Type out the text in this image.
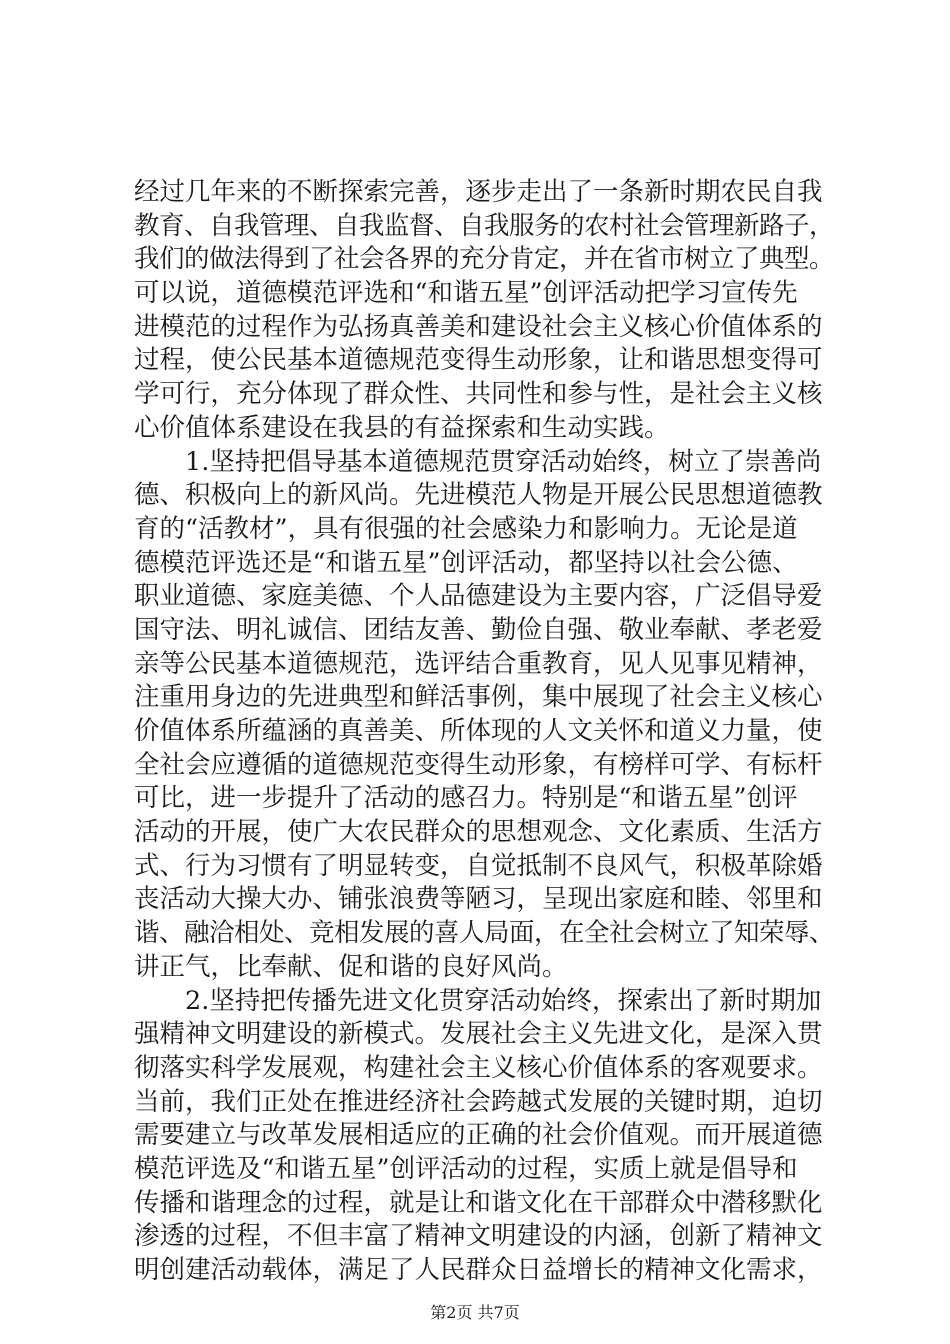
经过几年来的不断探索完善，逐步走出了一条新时期农民自我
教育、自我管理、自我监督、自我服务的农村社会管理新路子，
我们的做法得到了社会各界的充分肯定，并在省市树立了典型。
可以说，道德模范评选和“和谐五星”创评活动把学习宣传先
进模范的过程作为弘扬真善美和建设社会主义核心价值体系的
过程，使公民基本道德规范变得生动形象，让和谐思想变得可
学可行，充分体现了群众性、共同性和参与性，是社会主义核
心价值体系建设在我县的有益探索和生动实践。
1.坚持把倡导基本道德规范贯穿活动始终，树立了崇善尚
德、积极向上的新风尚。先进模范人物是开展公民思想道德教
育的“活教材”，具有很强的社会感染力和影响力。无论是道
德模范评选还是“和谐五星”创评活动，都坚持以社会公德、
职业道德、家庭美德、个人品德建设为主要内容，广泛倡导爱
国守法、明礼诚信、团结友善、勤俭自强、敬业奉献、孝老爱
亲等公民基本道德规范，选评结合重教育，见人见事见精神，
注重用身边的先进典型和鲜活事例，集中展现了社会主义核心
价值体系所蕴涵的真善美、所体现的人文关怀和道义力量，使
全社会应遵循的道德规范变得生动形象，有榜样可学、有标杆
可比，进一步提升了活动的感召力。特别是“和谐五星”创评
活动的开展，使广大农民群众的思想观念、文化素质、生活方
式、行为习惯有了明显转变，自觉抵制不良风气，积极革除婚
丧活动大操大办、铺张浪费等陋习，呈现出家庭和睦、邻里和
谐、融洽相处、竞相发展的喜人局面，在全社会树立了知荣辱、
讲正气，比奉献、促和谐的良好风尚。
2.坚持把传播先进文化贯穿活动始终，探索出了新时期加
强精神文明建设的新模式。发展社会主义先进文化，是深入贯
彻落实科学发展观，构建社会主义核心价值体系的客观要求。
当前，我们正处在推进经济社会跨越式发展的关键时期，迫切
需要建立与改革发展相适应的正确的社会价值观。而开展道德
模范评选及“和谐五星”创评活动的过程，实质上就是倡导和
传播和谐理念的过程，就是让和谐文化在干部群众中潜移默化
渗透的过程，不但丰富了精神文明建设的内涵，创新了精神文
明创建活动载体，满足了人民群众日益增长的精神文化需求，
第2页 共7页
